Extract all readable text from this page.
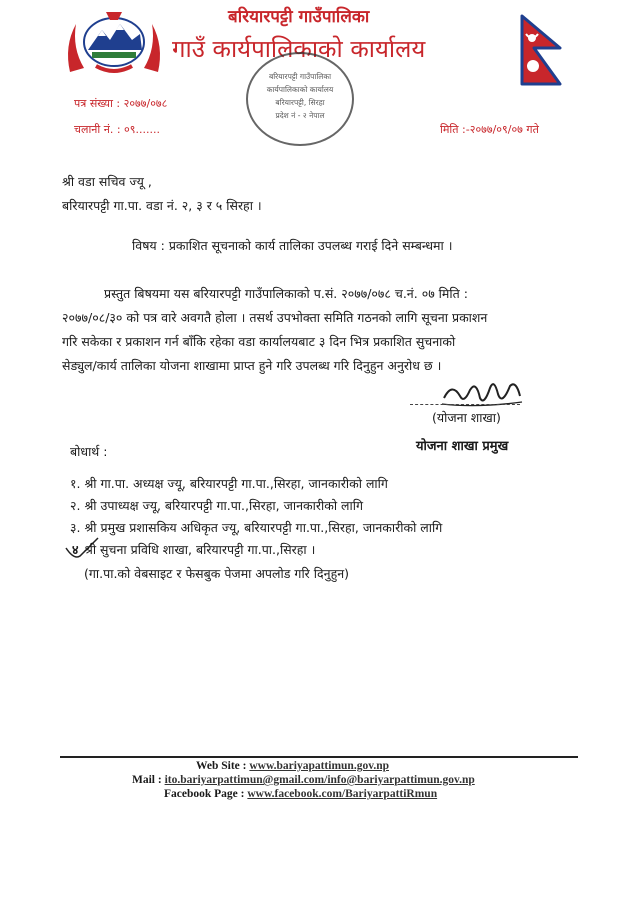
बरियारपट्टी गाउँपालिका
गाउँ कार्यपालिकाको कार्यालय
पत्र संख्या : २०७७/०७८
चलानी नं. : ०९.......	मिति :-२०७७/०९/०७ गते
बरियारपट्टी गाउँपालिका
कार्यपालिकाको कार्यालय
बरियारपट्टी, सिरहा
प्रदेश नं - २ नेपाल
श्री वडा सचिव ज्यू ,
बरियारपट्टी गा.पा. वडा नं. २, ३ र ५ सिरहा ।
विषय : प्रकाशित सूचनाको कार्य तालिका उपलब्ध गराई दिने सम्बन्धमा ।
प्रस्तुत बिषयमा यस बरियारपट्टी गाउँपालिकाको प.सं. २०७७/०७८ च.नं. ०७ मिति :
२०७७/०८/३० को पत्र वारे अवगतै होला । तसर्थ उपभोक्ता समिति गठनको लागि सूचना प्रकाशन
गरि सकेका र प्रकाशन गर्न बाँकि रहेका वडा कार्यालयबाट ३ दिन भित्र प्रकाशित सुचनाको
सेड्युल/कार्य तालिका योजना शाखामा प्राप्त हुने गरि उपलब्ध गरि दिनुहुन अनुरोध छ ।
(योजना शाखा)
योजना शाखा प्रमुख
बोधार्थ :
१. श्री गा.पा. अध्यक्ष ज्यू, बरियारपट्टी गा.पा.,सिरहा, जानकारीको लागि
२. श्री उपाध्यक्ष ज्यू, बरियारपट्टी गा.पा.,सिरहा, जानकारीको लागि
३. श्री प्रमुख प्रशासकिय अधिकृत ज्यू, बरियारपट्टी गा.पा.,सिरहा, जानकारीको लागि
४ श्री सुचना प्रविधि शाखा, बरियारपट्टी गा.पा.,सिरहा ।
(गा.पा.को वेबसाइट र फेसबुक पेजमा अपलोड गरि दिनुहुन)
Web Site : www.bariyapattimun.gov.np
Mail : ito.bariyarpattimun@gmail.com/info@bariyarpattimun.gov.np
Facebook Page : www.facebook.com/BariyarpattiRmun
